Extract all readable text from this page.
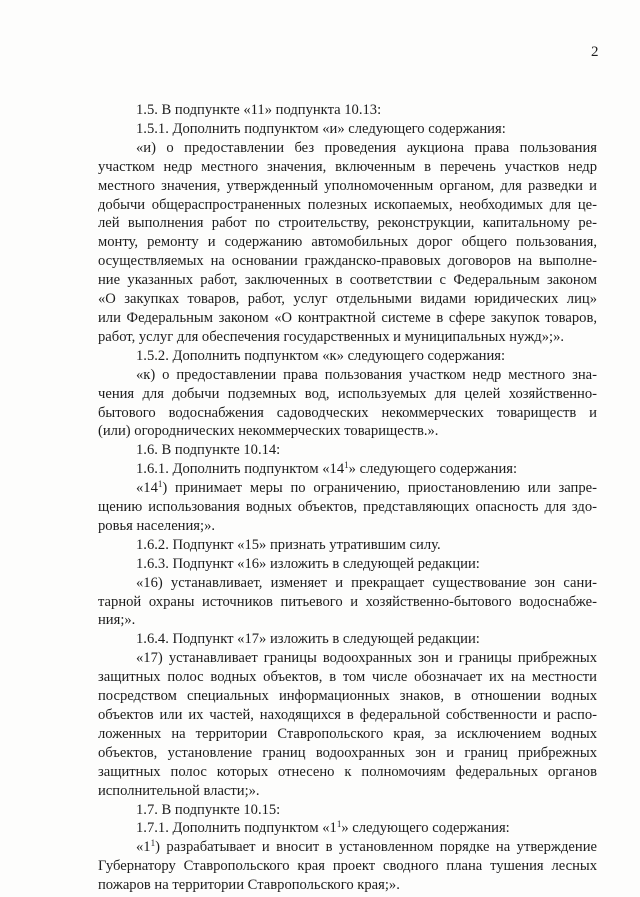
2

1.5. В подпункте «11» подпункта 10.13:

1.5.1. Дополнить подпунктом «и» следующего содержания:

«и) о предоставлении без проведения аукциона права пользования

участком недр местного значения, включенным в перечень участков недр

местного значения, утвержденный уполномоченным органом, для разведки и

добычи общераспространенных полезных ископаемых, необходимых для це-

лей выполнения работ по строительству, реконструкции, капитальному ре-

монту, ремонту и содержанию автомобильных дорог общего пользования,

осуществляемых на основании гражданско-правовых договоров на выполне-

ние указанных работ, заключенных в соответствии с Федеральным законом

«О закупках товаров, работ, услуг отдельными видами юридических лиц»

или Федеральным законом «О контрактной системе в сфере закупок товаров,

работ, услуг для обеспечения государственных и муниципальных нужд»;».

1.5.2. Дополнить подпунктом «к» следующего содержания:

«к) о предоставлении права пользования участком недр местного зна-

чения для добычи подземных вод, используемых для целей хозяйственно-

бытового водоснабжения садоводческих некоммерческих товариществ и

(или) огороднических некоммерческих товариществ.».

1.6. В подпункте 10.14:

1.6.1. Дополнить подпунктом «$14^1$» следующего содержания:

«$14^1$) принимает меры по ограничению, приостановлению или запре-

щению использования водных объектов, представляющих опасность для здо-

ровья населения;».

1.6.2. Подпункт «15» признать утратившим силу.

1.6.3. Подпункт «16» изложить в следующей редакции:

«16) устанавливает, изменяет и прекращает существование зон сани-

тарной охраны источников питьевого и хозяйственно-бытового водоснабже-

ния;».

1.6.4. Подпункт «17» изложить в следующей редакции:

«17) устанавливает границы водоохранных зон и границы прибрежных

защитных полос водных объектов, в том числе обозначает их на местности

посредством специальных информационных знаков, в отношении водных

объектов или их частей, находящихся в федеральной собственности и распо-

ложенных на территории Ставропольского края, за исключением водных

объектов, установление границ водоохранных зон и границ прибрежных

защитных полос которых отнесено к полномочиям федеральных органов

исполнительной власти;».

1.7. В подпункте 10.15:

1.7.1. Дополнить подпунктом «$1^1$» следующего содержания:

«$1^1$) разрабатывает и вносит в установленном порядке на утверждение

Губернатору Ставропольского края проект сводного плана тушения лесных

пожаров на территории Ставропольского края;».
